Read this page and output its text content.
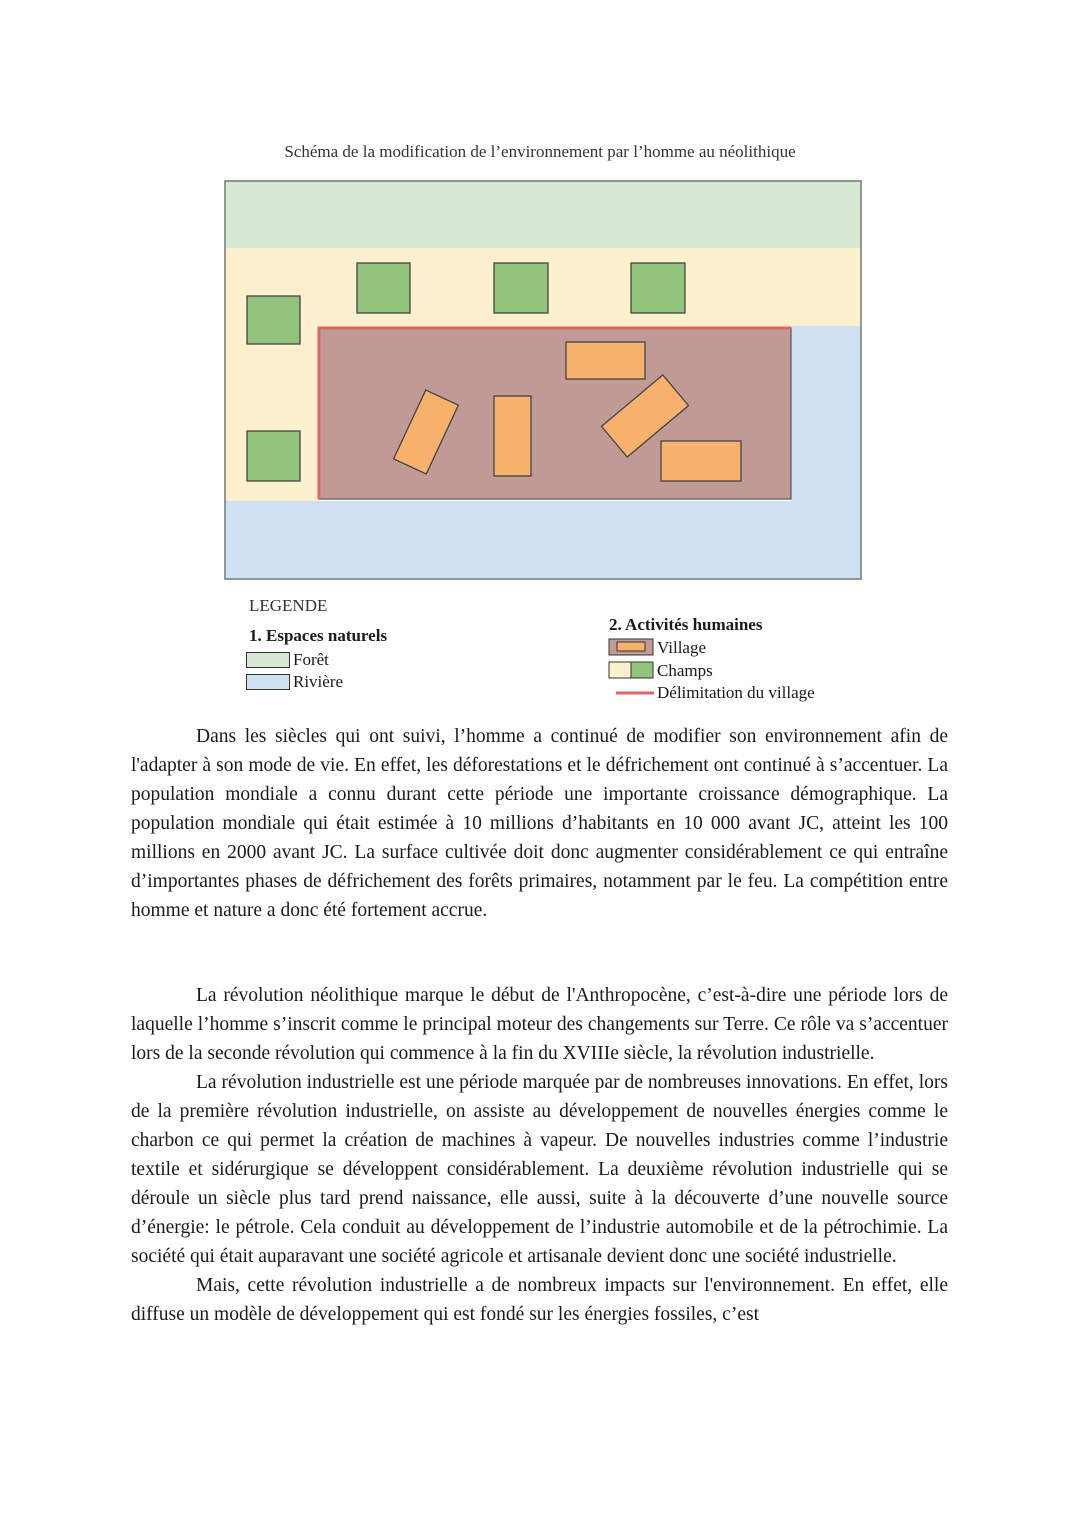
Schéma de la modification de l’environnement par l’homme au néolithique
LEGENDE
1. Espaces naturels
Forêt
Rivière
2. Activités humaines
Village
Champs
Délimitation du village

Dans les siècles qui ont suivi, l’homme a continué de modifier son environnement afin de l'adapter à son mode de vie. En effet, les déforestations et le défrichement ont continué à s’accentuer. La population mondiale a connu durant cette période une importante croissance démographique. La population mondiale qui était estimée à 10 millions d’habitants en 10 000 avant JC, atteint les 100 millions en 2000 avant JC. La surface cultivée doit donc augmenter considérablement ce qui entraîne d’importantes phases de défrichement des forêts primaires, notamment par le feu. La compétition entre homme et nature a donc été fortement accrue.

La révolution néolithique marque le début de l'Anthropocène, c’est-à-dire une période lors de laquelle l’homme s’inscrit comme le principal moteur des changements sur Terre. Ce rôle va s’accentuer lors de la seconde révolution qui commence à la fin du XVIIIe siècle, la révolution industrielle.

La révolution industrielle est une période marquée par de nombreuses innovations. En effet, lors de la première révolution industrielle, on assiste au développement de nouvelles énergies comme le charbon ce qui permet la création de machines à vapeur. De nouvelles industries comme l’industrie textile et sidérurgique se développent considérablement. La deuxième révolution industrielle qui se déroule un siècle plus tard prend naissance, elle aussi, suite à la découverte d’une nouvelle source d’énergie: le pétrole. Cela conduit au développement de l’industrie automobile et de la pétrochimie. La société qui était auparavant une société agricole et artisanale devient donc une société industrielle.

Mais, cette révolution industrielle a de nombreux impacts sur l'environnement. En effet, elle diffuse un modèle de développement qui est fondé sur les énergies fossiles, c’est
